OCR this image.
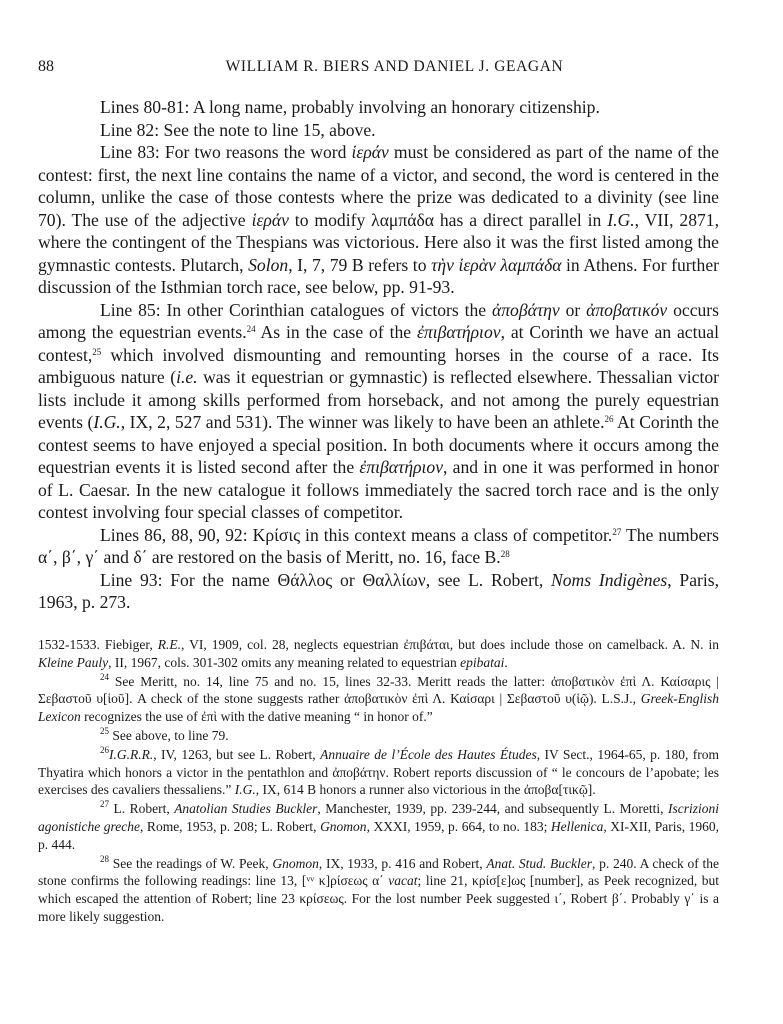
88	WILLIAM R. BIERS AND DANIEL J. GEAGAN

Lines 80-81: A long name, probably involving an honorary citizenship.

Line 82: See the note to line 15, above.

Line 83: For two reasons the word ἱεράν must be considered as part of the name of the contest: first, the next line contains the name of a victor, and second, the word is centered in the column, unlike the case of those contests where the prize was dedicated to a divinity (see line 70). The use of the adjective ἱεράν to modify λαμπάδα has a direct parallel in I.G., VII, 2871, where the contingent of the Thespians was victorious. Here also it was the first listed among the gymnastic contests. Plutarch, Solon, I, 7, 79 B refers to τὴν ἱερὰν λαμπάδα in Athens. For further discussion of the Isthmian torch race, see below, pp. 91-93.

Line 85: In other Corinthian catalogues of victors the ἀποβάτην or ἀποβατικόν occurs among the equestrian events.$^{24}$ As in the case of the ἐπιβατήριον, at Corinth we have an actual contest,$^{25}$ which involved dismounting and remounting horses in the course of a race. Its ambiguous nature (i.e. was it equestrian or gymnastic) is reflected elsewhere. Thessalian victor lists include it among skills performed from horseback, and not among the purely equestrian events (I.G., IX, 2, 527 and 531). The winner was likely to have been an athlete.$^{26}$ At Corinth the contest seems to have enjoyed a special position. In both documents where it occurs among the equestrian events it is listed second after the ἐπιβατήριον, and in one it was performed in honor of L. Caesar. In the new catalogue it follows immediately the sacred torch race and is the only contest involving four special classes of competitor.

Lines 86, 88, 90, 92: Κρίσις in this context means a class of competitor.$^{27}$ The numbers α΄, β΄, γ΄ and δ΄ are restored on the basis of Meritt, no. 16, face B.$^{28}$

Line 93: For the name Θάλλος or Θαλλίων, see L. Robert, Noms Indigènes, Paris, 1963, p. 273.

1532-1533. Fiebiger, R.E., VI, 1909, col. 28, neglects equestrian ἐπιβάται, but does include those on camelback. A. N. in Kleine Pauly, II, 1967, cols. 301-302 omits any meaning related to equestrian epibatai.

$^{24}$ See Meritt, no. 14, line 75 and no. 15, lines 32-33. Meritt reads the latter: ἀποβατικὸν ἐπὶ Λ. Καίσαρις | Σεβαστοῦ υ[ἱοῦ]. A check of the stone suggests rather ἀποβατικὸν ἐπὶ Λ. Καίσαρι | Σεβαστοῦ υ(ἱῷ). L.S.J., Greek-English Lexicon recognizes the use of ἐπὶ with the dative meaning “ in honor of.”

$^{25}$ See above, to line 79.

$^{26}$I.G.R.R., IV, 1263, but see L. Robert, Annuaire de l’École des Hautes Études, IV Sect., 1964-65, p. 180, from Thyatira which honors a victor in the pentathlon and ἀποβάτην. Robert reports discussion of “ le concours de l’apobate; les exercises des cavaliers thessaliens.” I.G., IX, 614 B honors a runner also victorious in the ἀποβα[τικῷ].

$^{27}$ L. Robert, Anatolian Studies Buckler, Manchester, 1939, pp. 239-244, and subsequently L. Moretti, Iscrizioni agonistiche greche, Rome, 1953, p. 208; L. Robert, Gnomon, XXXI, 1959, p. 664, to no. 183; Hellenica, XI-XII, Paris, 1960, p. 444.

$^{28}$ See the readings of W. Peek, Gnomon, IX, 1933, p. 416 and Robert, Anat. Stud. Buckler, p. 240. A check of the stone confirms the following readings: line 13, [ᵛᵛ κ]ρίσεως α΄ vacat; line 21, κρίσ[ε]ως [number], as Peek recognized, but which escaped the attention of Robert; line 23 κρίσεως. For the lost number Peek suggested ι΄, Robert β΄. Probably γ΄ is a more likely suggestion.
